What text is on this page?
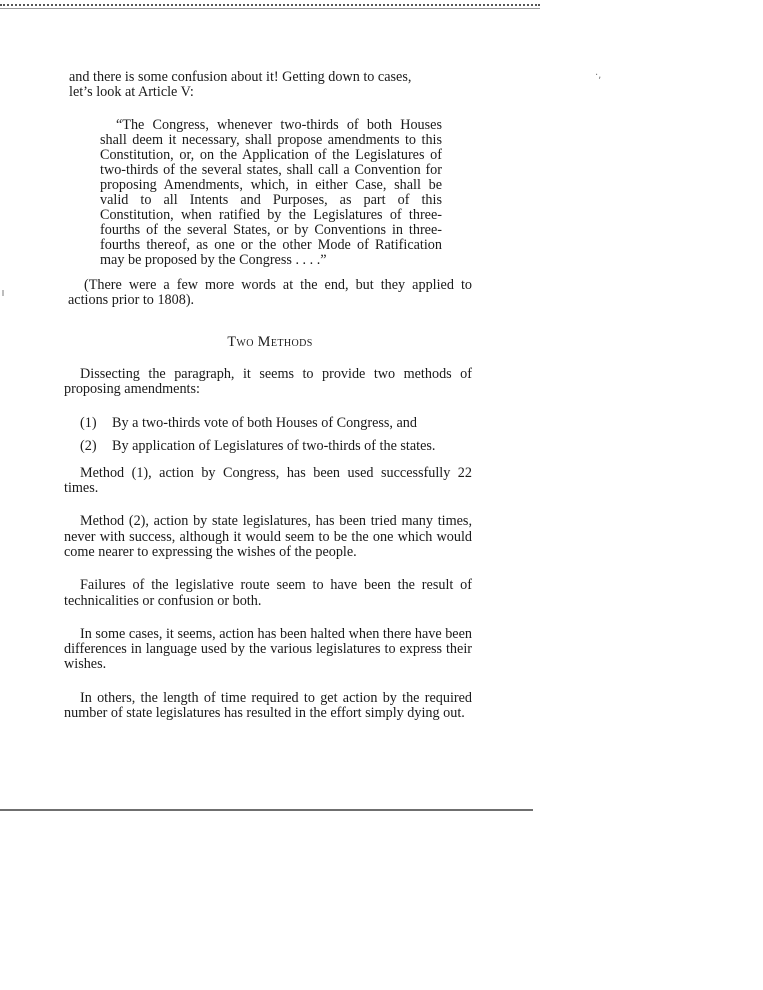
·,

and there is some confusion about it! Getting down to cases,
let’s look at Article V:

“The Congress, whenever two-thirds of both Houses shall deem it necessary, shall propose amendments to this Constitution, or, on the Application of the Legislatures of two-thirds of the several states, shall call a Convention for proposing Amendments, which, in either Case, shall be valid to all Intents and Purposes, as part of this Constitution, when ratified by the Legislatures of three-fourths of the several States, or by Conventions in three-fourths thereof, as one or the other Mode of Ratification may be proposed by the Congress . . . .”

(There were a few more words at the end, but they applied to actions prior to 1808).

Two Methods

Dissecting the paragraph, it seems to provide two methods of proposing amendments:

(1) By a two-thirds vote of both Houses of Congress, and
(2) By application of Legislatures of two-thirds of the states.

Method (1), action by Congress, has been used successfully 22 times.

Method (2), action by state legislatures, has been tried many times, never with success, although it would seem to be the one which would come nearer to expressing the wishes of the people.

Failures of the legislative route seem to have been the result of technicalities or confusion or both.

In some cases, it seems, action has been halted when there have been differences in language used by the various legislatures to express their wishes.

In others, the length of time required to get action by the required number of state legislatures has resulted in the effort simply dying out.
